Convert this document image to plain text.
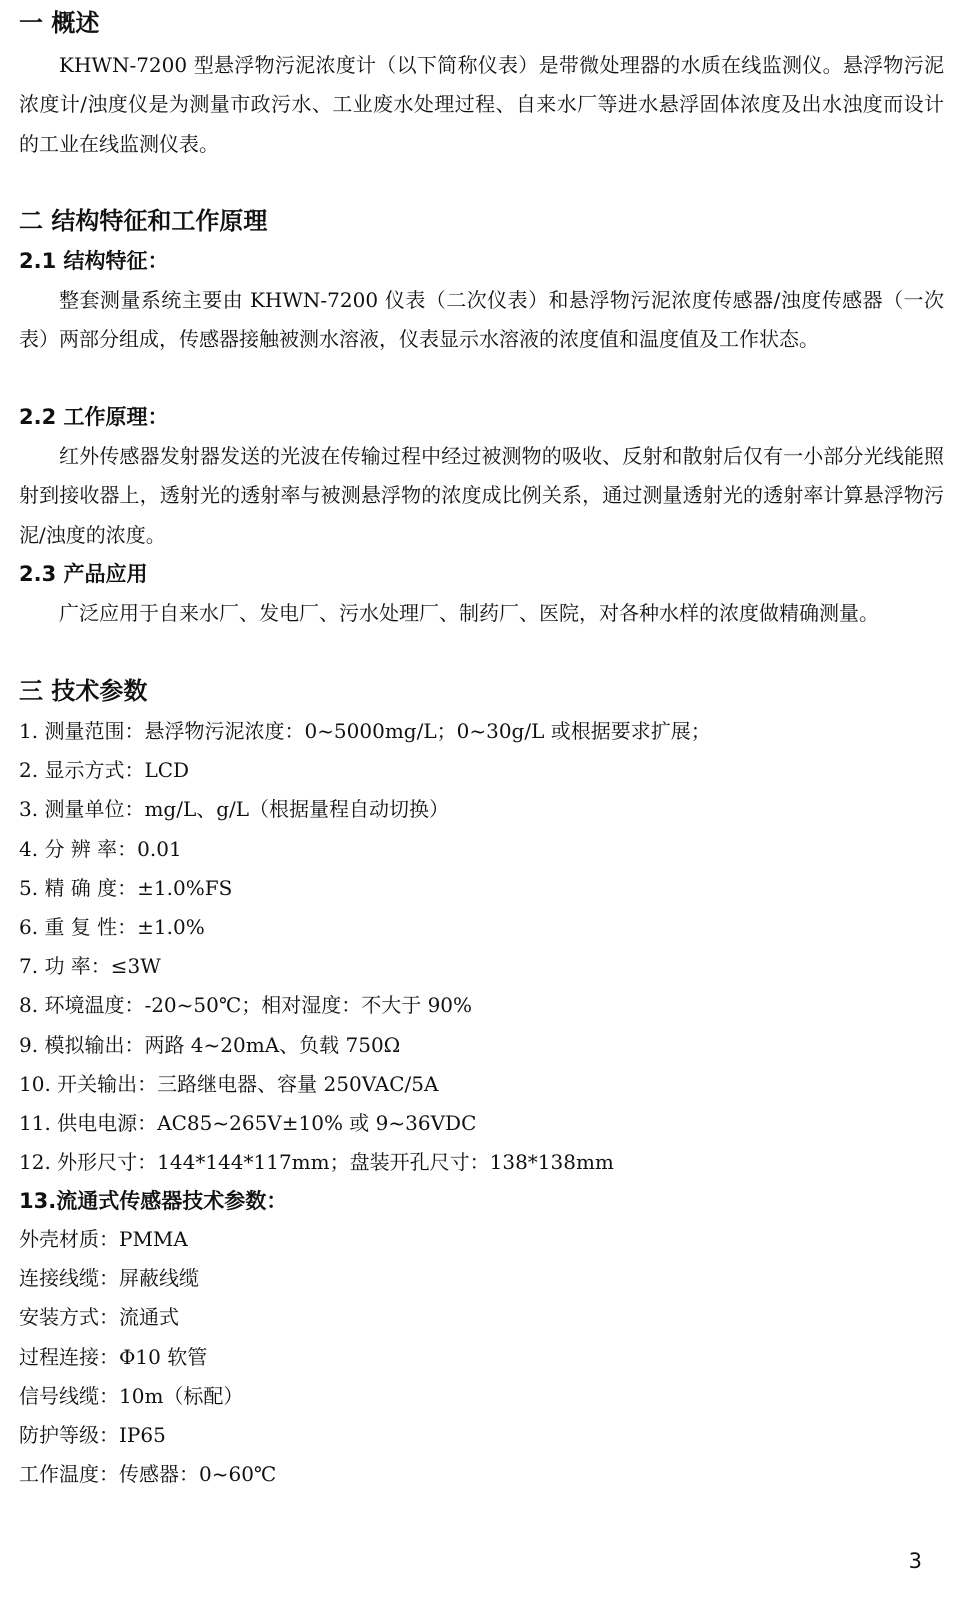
一 概述

KHWN-7200 型悬浮物污泥浓度计（以下简称仪表）是带微处理器的水质在线监测仪。悬浮物污泥浓度计/浊度仪是为测量市政污水、工业废水处理过程、自来水厂等进水悬浮固体浓度及出水浊度而设计的工业在线监测仪表。

二 结构特征和工作原理
2.1 结构特征：

整套测量系统主要由 KHWN-7200 仪表（二次仪表）和悬浮物污泥浓度传感器/浊度传感器（一次表）两部分组成，传感器接触被测水溶液，仪表显示水溶液的浓度值和温度值及工作状态。

2.2 工作原理：

红外传感器发射器发送的光波在传输过程中经过被测物的吸收、反射和散射后仅有一小部分光线能照射到接收器上，透射光的透射率与被测悬浮物的浓度成比例关系，通过测量透射光的透射率计算悬浮物污泥/浊度的浓度。

2.3 产品应用

广泛应用于自来水厂、发电厂、污水处理厂、制药厂、医院，对各种水样的浓度做精确测量。

三 技术参数

1. 测量范围：悬浮物污泥浓度：0~5000mg/L；0~30g/L 或根据要求扩展；

2. 显示方式：LCD

3. 测量单位：mg/L、g/L（根据量程自动切换）

4. 分 辨 率：0.01

5. 精 确 度：±1.0%FS

6. 重 复 性：±1.0%

7. 功 率：≤3W

8. 环境温度：-20~50℃；相对湿度：不大于 90%

9. 模拟输出：两路 4~20mA、负载 750Ω

10. 开关输出：三路继电器、容量 250VAC/5A

11. 供电电源：AC85~265V±10% 或 9~36VDC

12. 外形尺寸：144*144*117mm；盘装开孔尺寸：138*138mm

13.流通式传感器技术参数：

外壳材质：PMMA

连接线缆：屏蔽线缆

安装方式：流通式

过程连接：Φ10 软管

信号线缆：10m（标配）

防护等级：IP65

工作温度：传感器：0~60℃

3
